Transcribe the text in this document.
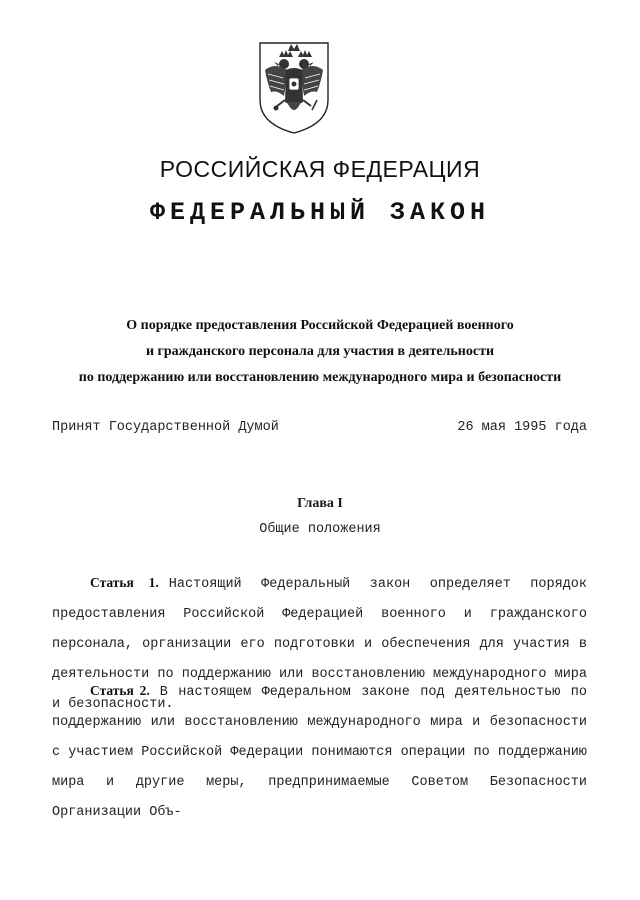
РОССИЙСКАЯ ФЕДЕРАЦИЯ
ФЕДЕРАЛЬНЫЙ ЗАКОН
О порядке предоставления Российской Федерацией военного
и гражданского персонала для участия в деятельности
по поддержанию или восстановлению международного мира и безопасности
Принят Государственной Думой	26 мая 1995 года
Глава I
Общие положения
Статья 1. Настоящий Федеральный закон определяет порядок предоставления Российской Федерацией военного и гражданского персонала, организации его подготовки и обеспечения для участия в деятельности по поддержанию или восстановлению международного мира и безопасности.
Статья 2. В настоящем Федеральном законе под деятельностью по поддержанию или восстановлению международного мира и безопасности с участием Российской Федерации понимаются операции по поддержанию мира и другие меры, предпринимаемые Советом Безопасности Организации Объ-
